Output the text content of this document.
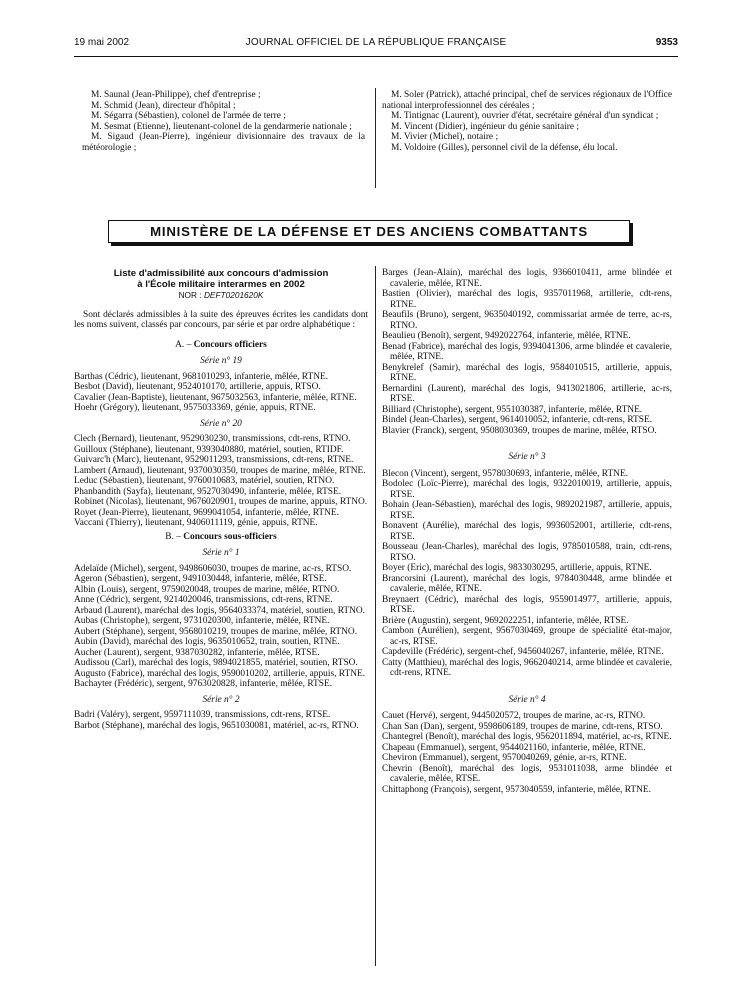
19 mai 2002	JOURNAL OFFICIEL DE LA RÉPUBLIQUE FRANÇAISE	9353
M. Saunal (Jean-Philippe), chef d'entreprise ;
M. Schmid (Jean), directeur d'hôpital ;
M. Ségarra (Sébastien), colonel de l'armée de terre ;
M. Sesmat (Etienne), lieutenant-colonel de la gendarmerie nationale ;
M. Sigaud (Jean-Pierre), ingénieur divisionnaire des travaux de la météorologie ;
M. Soler (Patrick), attaché principal, chef de services régionaux de l'Office national interprofessionnel des céréales ;
M. Tintignac (Laurent), ouvrier d'état, secrétaire général d'un syndicat ;
M. Vincent (Didier), ingénieur du génie sanitaire ;
M. Vivier (Michel), notaire ;
M. Voldoire (Gilles), personnel civil de la défense, élu local.
MINISTÈRE DE LA DÉFENSE ET DES ANCIENS COMBATTANTS
Liste d'admissibilité aux concours d'admission
à l'École militaire interarmes en 2002
NOR : DEFT0201620K
Sont déclarés admissibles à la suite des épreuves écrites les candidats dont les noms suivent, classés par concours, par série et par ordre alphabétique :
A. – Concours officiers
Série n° 19
Barthas (Cédric), lieutenant, 9681010293, infanterie, mêlée, RTNE.
Besbot (David), lieutenant, 9524010170, artillerie, appuis, RTSO.
Cavalier (Jean-Baptiste), lieutenant, 9675032563, infanterie, mêlée, RTNE.
Hoehr (Grégory), lieutenant, 9575033369, génie, appuis, RTNE.
Série n° 20
Clech (Bernard), lieutenant, 9529030230, transmissions, cdt-rens, RTNO.
Guilloux (Stéphane), lieutenant, 9393040880, matériel, soutien, RTIDF.
Guivarc'h (Marc), lieutenant, 9529011293, transmissions, cdt-rens, RTNE.
Lambert (Arnaud), lieutenant, 9370030350, troupes de marine, mêlée, RTNE.
Leduc (Sébastien), lieutenant, 9760010683, matériel, soutien, RTNO.
Phanbandith (Sayfa), lieutenant, 9527030490, infanterie, mêlée, RTSE.
Robinet (Nicolas), lieutenant, 9676020901, troupes de marine, appuis, RTNO.
Royet (Jean-Pierre), lieutenant, 9699041054, infanterie, mêlée, RTNE.
Vaccani (Thierry), lieutenant, 9406011119, génie, appuis, RTNE.
B. – Concours sous-officiers
Série n° 1
Adelaïde (Michel), sergent, 9498606030, troupes de marine, ac-rs, RTSO.
Ageron (Sébastien), sergent, 9491030448, infanterie, mêlée, RTSE.
Albin (Louis), sergent, 9759020048, troupes de marine, mêlée, RTNO.
Anne (Cédric), sergent, 9214020046, transmissions, cdt-rens, RTNE.
Arbaud (Laurent), maréchal des logis, 9564033374, matériel, soutien, RTNO.
Aubas (Christophe), sergent, 9731020300, infanterie, mêlée, RTNE.
Aubert (Stéphane), sergent, 9568010219, troupes de marine, mêlée, RTNO.
Aubin (David), maréchal des logis, 9635010652, train, soutien, RTNE.
Aucher (Laurent), sergent, 9387030282, infanterie, mêlée, RTSE.
Audissou (Carl), maréchal des logis, 9894021855, matériel, soutien, RTSO.
Augusto (Fabrice), maréchal des logis, 9590010202, artillerie, appuis, RTNE.
Bachayter (Frédéric), sergent, 9763020828, infanterie, mêlée, RTSE.
Série n° 2
Badri (Valéry), sergent, 9597111039, transmissions, cdt-rens, RTSE.
Barbot (Stéphane), maréchal des logis, 9651030081, matériel, ac-rs, RTNO.
Barges (Jean-Alain), maréchal des logis, 9366010411, arme blindée et cavalerie, mêlée, RTNE.
Bastien (Olivier), maréchal des logis, 9357011968, artillerie, cdt-rens, RTNE.
Beaufils (Bruno), sergent, 9635040192, commissariat armée de terre, ac-rs, RTNO.
Beaulieu (Benoît), sergent, 9492022764, infanterie, mêlée, RTNE.
Benad (Fabrice), maréchal des logis, 9394041306, arme blindée et cavalerie, mêlée, RTNE.
Benykrelef (Samir), maréchal des logis, 9584010515, artillerie, appuis, RTNE.
Bernardini (Laurent), maréchal des logis, 9413021806, artillerie, ac-rs, RTSE.
Billiard (Christophe), sergent, 9551030387, infanterie, mêlée, RTNE.
Bindel (Jean-Charles), sergent, 9614010052, infanterie, cdt-rens, RTSE.
Blavier (Franck), sergent, 9508030369, troupes de marine, mêlée, RTSO.
Série n° 3
Blecon (Vincent), sergent, 9578030693, infanterie, mêlée, RTNE.
Bodolec (Loïc-Pierre), maréchal des logis, 9322010019, artillerie, appuis, RTSE.
Bohain (Jean-Sébastien), maréchal des logis, 9892021987, artillerie, appuis, RTSE.
Bonavent (Aurélie), maréchal des logis, 9936052001, artillerie, cdt-rens, RTSE.
Bousseau (Jean-Charles), maréchal des logis, 9785010588, train, cdt-rens, RTSO.
Boyer (Eric), maréchal des logis, 9833030295, artillerie, appuis, RTNE.
Brancorsini (Laurent), maréchal des logis, 9784030448, arme blindée et cavalerie, mêlée, RTNE.
Breynaert (Cédric), maréchal des logis, 9559014977, artillerie, appuis, RTSE.
Brière (Augustin), sergent, 9692022251, infanterie, mêlée, RTSE.
Cambon (Aurélien), sergent, 9567030469, groupe de spécialité état-major, ac-rs, RTSE.
Capdeville (Frédéric), sergent-chef, 9456040267, infanterie, mêlée, RTNE.
Catty (Matthieu), maréchal des logis, 9662040214, arme blindée et cavalerie, cdt-rens, RTNE.
Série n° 4
Cauet (Hervé), sergent, 9445020572, troupes de marine, ac-rs, RTNO.
Chan San (Dan), sergent, 9598606189, troupes de marine, cdt-rens, RTSO.
Chantegrel (Benoît), maréchal des logis, 9562011894, matériel, ac-rs, RTNE.
Chapeau (Emmanuel), sergent, 9544021160, infanterie, mêlée, RTNE.
Cheviron (Emmanuel), sergent, 9570040269, génie, ar-rs, RTNE.
Chevrin (Benoît), maréchal des logis, 9531011038, arme blindée et cavalerie, mêlée, RTSE.
Chittaphong (François), sergent, 9573040559, infanterie, mêlée, RTNE.
